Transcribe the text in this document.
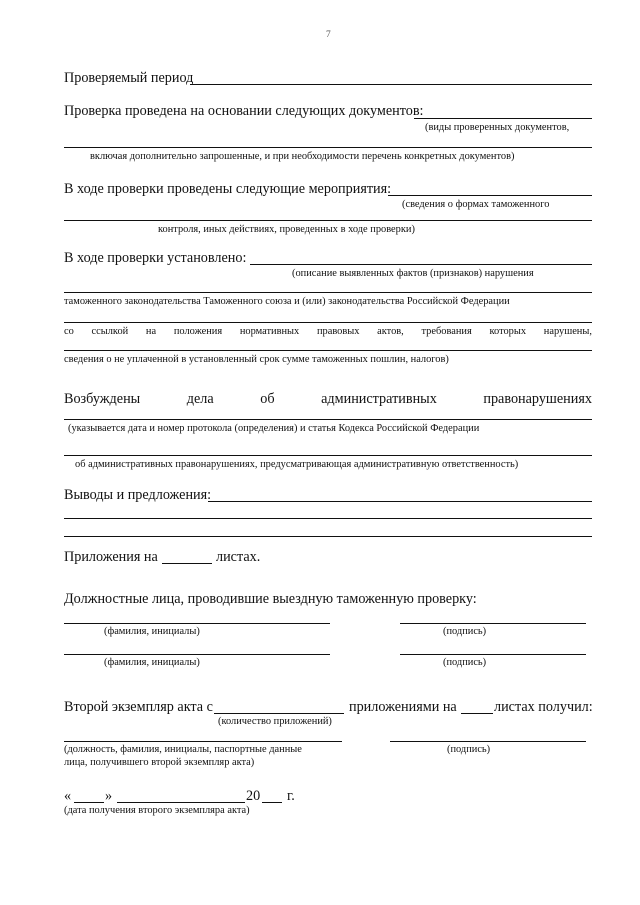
7
Проверяемый период
Проверка проведена на основании следующих документов:
(виды проверенных документов,
включая дополнительно запрошенные, и при необходимости перечень конкретных документов)
В ходе проверки проведены следующие мероприятия:
(сведения о формах таможенного
контроля, иных действиях, проведенных в ходе проверки)
В ходе проверки установлено:
(описание выявленных фактов (признаков) нарушения
таможенного законодательства Таможенного союза и (или) законодательства Российской Федерации
со ссылкой на положения нормативных правовых актов, требования которых нарушены,
сведения о не уплаченной в установленный срок сумме таможенных пошлин, налогов)
Возбуждены	дела	об	административных	правонарушениях
(указывается дата и номер протокола (определения) и статья Кодекса Российской Федерации
об административных правонарушениях, предусматривающая административную ответственность)
Выводы и предложения:
Приложения на	листах.
Должностные лица, проводившие выездную таможенную проверку:
(фамилия, инициалы)	(подпись)
(фамилия, инициалы)	(подпись)
Второй экземпляр акта с
(количество приложений)
приложениями на	листах получил:
(должность, фамилия, инициалы, паспортные данные
лица, получившего второй экземпляр акта)
(подпись)
« »	20 г.
(дата получения второго экземпляра акта)
